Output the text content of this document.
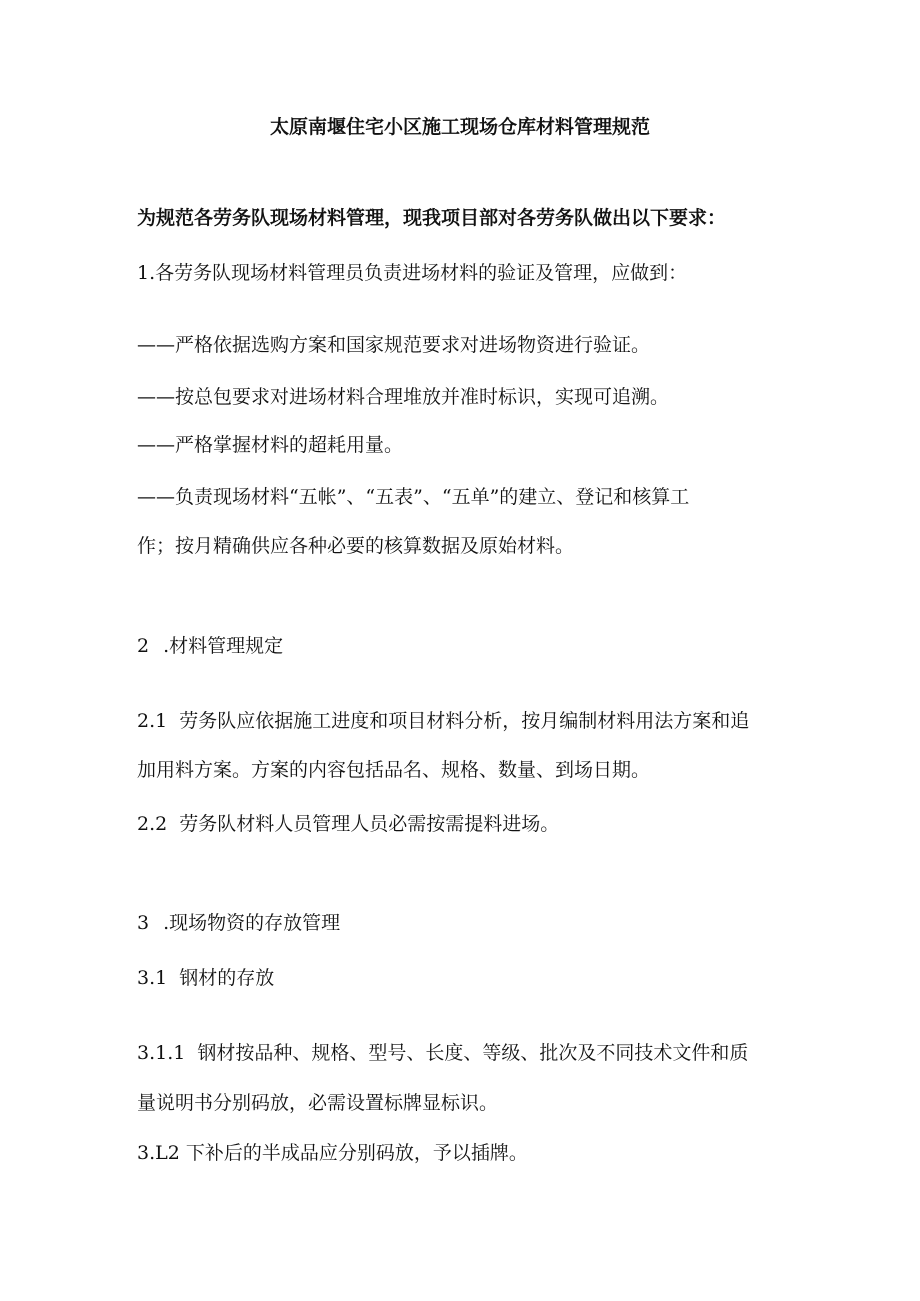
太原南堰住宅小区施工现场仓库材料管理规范
为规范各劳务队现场材料管理，现我项目部对各劳务队做出以下要求：
1.各劳务队现场材料管理员负责进场材料的验证及管理，应做到：
——严格依据选购方案和国家规范要求对进场物资进行验证。
——按总包要求对进场材料合理堆放并准时标识，实现可追溯。
——严格掌握材料的超耗用量。
——负责现场材料“五帐”、“五表”、“五单”的建立、登记和核算工
作；按月精确供应各种必要的核算数据及原始材料。
2 .材料管理规定
2.1 劳务队应依据施工进度和项目材料分析，按月编制材料用法方案和追
加用料方案。方案的内容包括品名、规格、数量、到场日期。
2.2 劳务队材料人员管理人员必需按需提料进场。
3 .现场物资的存放管理
3.1 钢材的存放
3.1.1 钢材按品种、规格、型号、长度、等级、批次及不同技术文件和质
量说明书分别码放，必需设置标牌显标识。
3.L2 下补后的半成品应分别码放，予以插牌。
